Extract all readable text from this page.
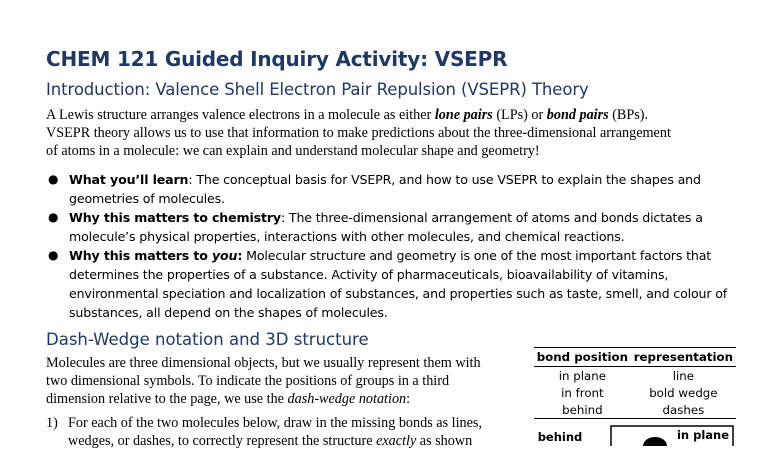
CHEM 121 Guided Inquiry Activity: VSEPR
Introduction: Valence Shell Electron Pair Repulsion (VSEPR) Theory
A Lewis structure arranges valence electrons in a molecule as either lone pairs (LPs) or bond pairs (BPs).
VSEPR theory allows us to use that information to make predictions about the three-dimensional arrangement
of atoms in a molecule: we can explain and understand molecular shape and geometry!
● What you’ll learn: The conceptual basis for VSEPR, and how to use VSEPR to explain the shapes and
geometries of molecules.
● Why this matters to chemistry: The three-dimensional arrangement of atoms and bonds dictates a
molecule’s physical properties, interactions with other molecules, and chemical reactions.
● Why this matters to you: Molecular structure and geometry is one of the most important factors that
determines the properties of a substance. Activity of pharmaceuticals, bioavailability of vitamins,
environmental speciation and localization of substances, and properties such as taste, smell, and colour of
substances, all depend on the shapes of molecules.
Dash-Wedge notation and 3D structure
Molecules are three dimensional objects, but we usually represent them with
two dimensional symbols. To indicate the positions of groups in a third
dimension relative to the page, we use the dash-wedge notation:
1) For each of the two molecules below, draw in the missing bonds as lines,
wedges, or dashes, to correctly represent the structure exactly as shown
bond position	representation
in plane	line
in front	bold wedge
behind	dashes
behind	in plane
